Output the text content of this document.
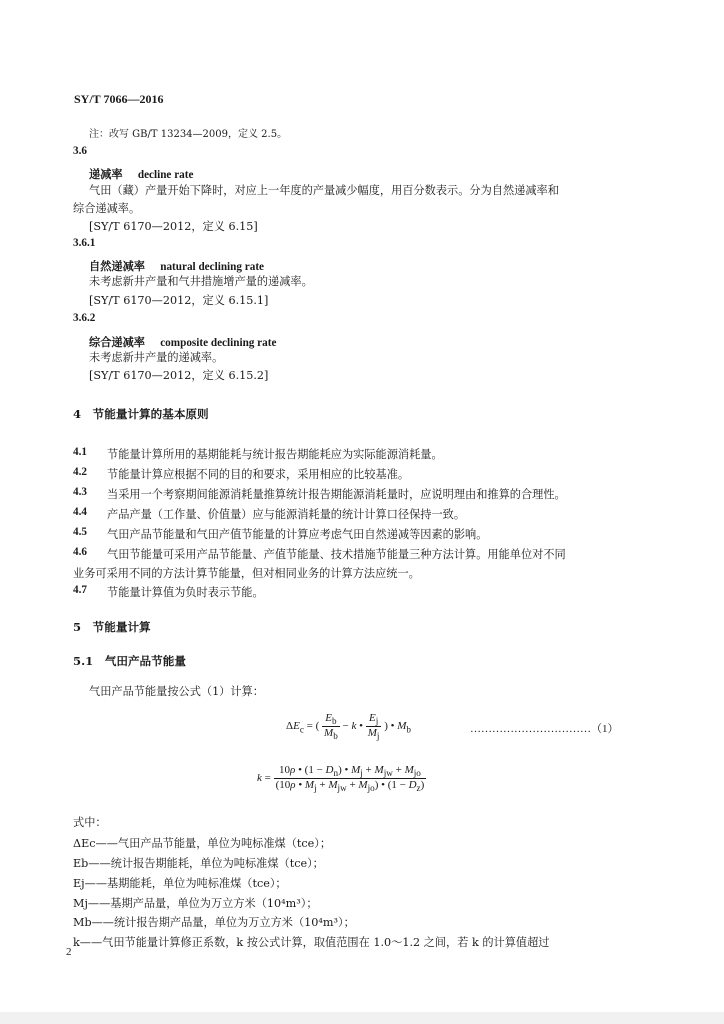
SY/T 7066—2016
注：改写 GB/T 13234—2009，定义 2.5。
3.6
递减率 decline rate
气田（藏）产量开始下降时，对应上一年度的产量减少幅度，用百分数表示。分为自然递减率和
综合递减率。
[SY/T 6170—2012，定义 6.15]
3.6.1
自然递减率 natural declining rate
未考虑新井产量和气井措施增产量的递减率。
[SY/T 6170—2012，定义 6.15.1]
3.6.2
综合递减率 composite declining rate
未考虑新井产量的递减率。
[SY/T 6170—2012，定义 6.15.2]
4　节能量计算的基本原则
4.1 节能量计算所用的基期能耗与统计报告期能耗应为实际能源消耗量。
4.2 节能量计算应根据不同的目的和要求，采用相应的比较基准。
4.3 当采用一个考察期间能源消耗量推算统计报告期能源消耗量时，应说明理由和推算的合理性。
4.4 产品产量（工作量、价值量）应与能源消耗量的统计计算口径保持一致。
4.5 气田产品节能量和气田产值节能量的计算应考虑气田自然递减等因素的影响。
4.6 气田节能量可采用产品节能量、产值节能量、技术措施节能量三种方法计算。用能单位对不同
业务可采用不同的方法计算节能量，但对相同业务的计算方法应统一。
4.7 节能量计算值为负时表示节能。
5　节能量计算
5.1　气田产品节能量
气田产品节能量按公式（1）计算：
$\Delta E_c$ = ( $\frac{E_b}{M_b} - k$ • $\frac{E_j}{M_j}$ ) • $M_b$	……………………………（1）
$k = \frac{10\rho • (1 - D_n) • M_j + M_{jw} + M_{jo}}{(10\rho • M_j + M_{jw} + M_{jo}) • (1 - D_z)}$
式中：
ΔEc——气田产品节能量，单位为吨标准煤（tce）；
Eb——统计报告期能耗，单位为吨标准煤（tce）；
Ej——基期能耗，单位为吨标准煤（tce）；
Mj——基期产品量，单位为万立方米（10⁴m³）；
Mb——统计报告期产品量，单位为万立方米（10⁴m³）；
k——气田节能量计算修正系数，k 按公式计算，取值范围在 1.0～1.2 之间，若 k 的计算值超过
2
